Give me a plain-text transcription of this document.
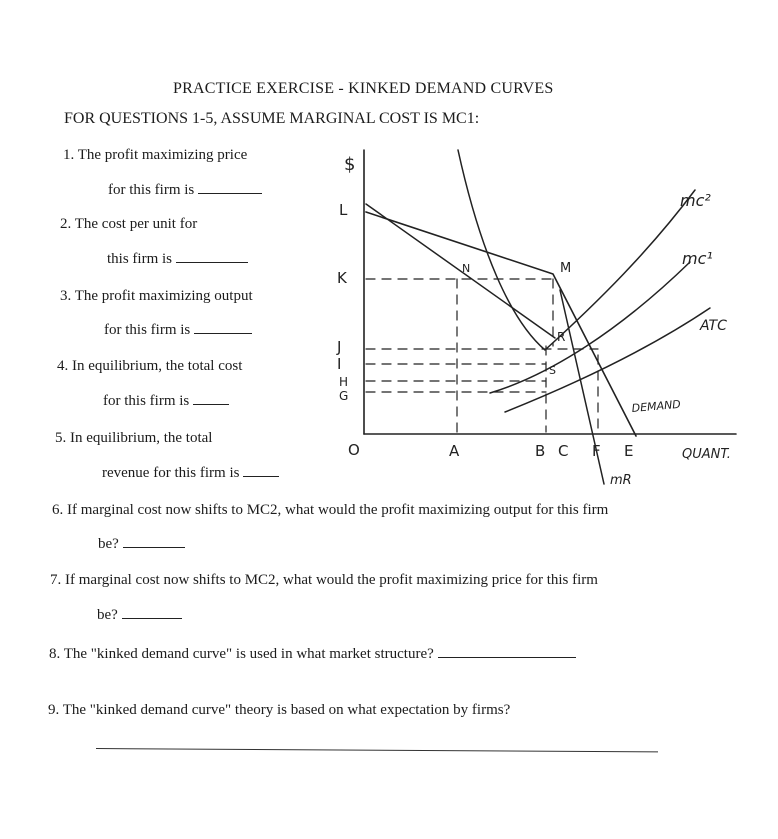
PRACTICE EXERCISE - KINKED DEMAND CURVES
FOR QUESTIONS 1-5, ASSUME MARGINAL COST IS MC1:
1. The profit maximizing price
for this firm is
2. The cost per unit for
this firm is
3. The profit maximizing output
for this firm is
4. In equilibrium, the total cost
for this firm is
5. In equilibrium, the total
revenue for this firm is
6. If marginal cost now shifts to MC2, what would the profit maximizing output for this firm
be?
7. If marginal cost now shifts to MC2, what would the profit maximizing price for this firm
be?
8. The "kinked demand curve" is used in what market structure?
9. The "kinked demand curve" theory is based on what expectation by firms?
$
L
K
J
I
H
G
O	A	B C F E	QUANT.
M
N
R
S
mc²
mc¹
ATC
DEMAND
mR
